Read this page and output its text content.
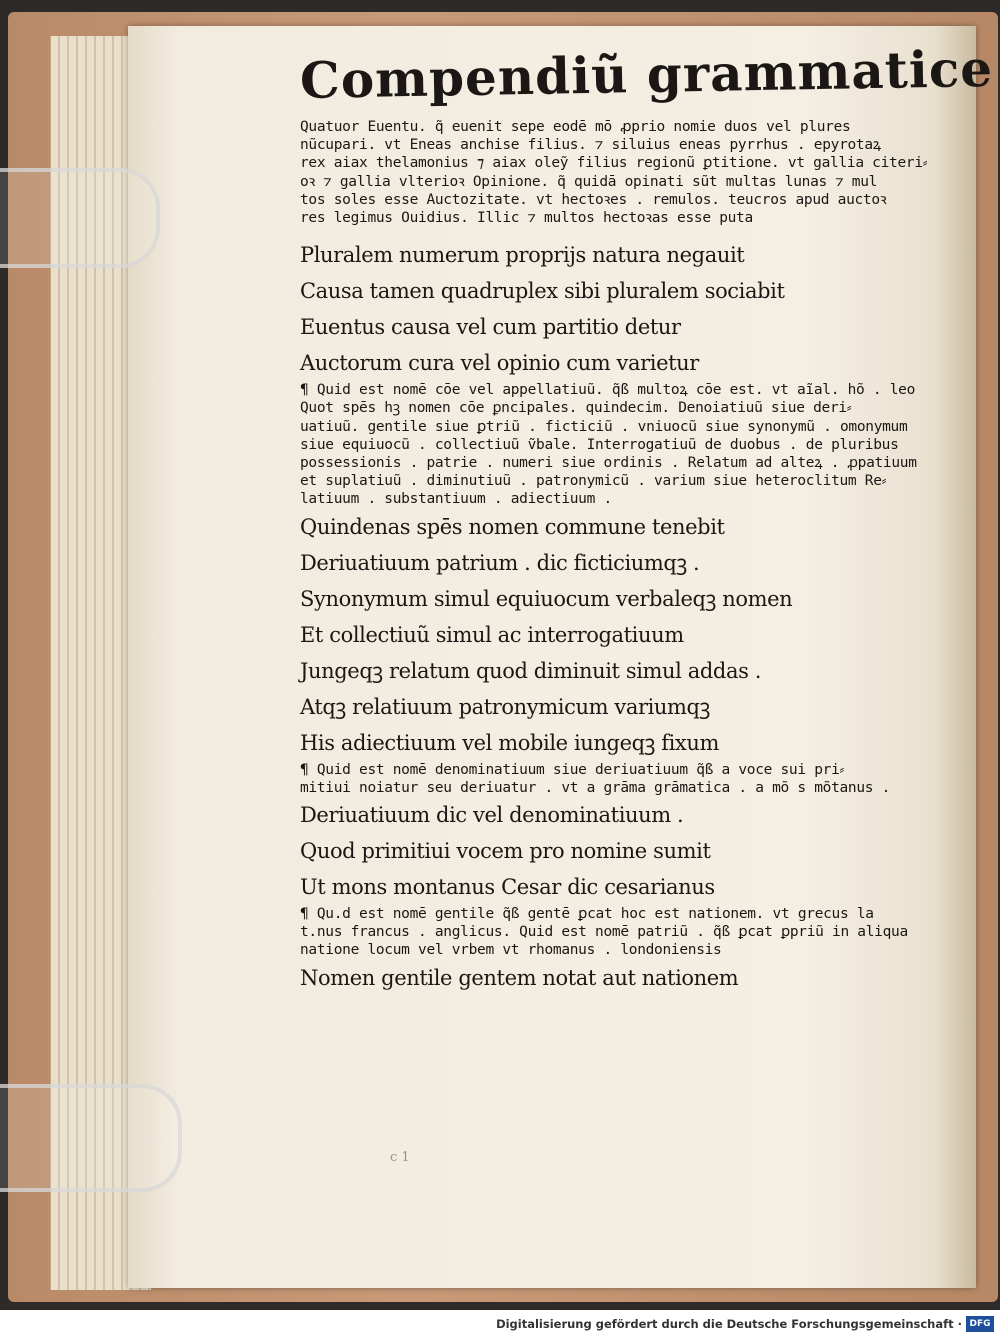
Compendiũ grammatice
Quatuor Euentu. q̃ euenit sepe eodē mō ꝓprio nomie duos vel plures
nũcupari. vt Eneas anchise filius. ⁊ siluius eneas pyrrhus . epyrotaꝝ
rex aiax thelamonius ⁊ aiax oleỹ filius regionũ ꝑtitione. vt gallia citeri⸗
oꝛ ⁊ gallia vlterioꝛ Opinione. q̃ quidā opinati sũt multas lunas ⁊ mul
tos soles esse Auctozitate. vt hectoꝛes . remulos. teucros apud auctoꝛ
res legimus Ouidius. Illic ⁊ multos hectoꝛas esse puta
Pluralem numerum proprijs natura negauit
Causa tamen quadruplex sibi pluralem sociabit
Euentus causa vel cum partitio detur
Auctorum cura vel opinio cum varietur
¶ Quid est nomē cōe vel appellatiuũ. q̃ß multoꝝ cōe est. vt aĩal. hõ . leo
Quot spēs hꝫ nomen cōe ꝑncipales. quindecim. Denoiatiuũ siue deri⸗
uatiuũ. gentile siue ꝑtriũ . ficticiũ . vniuocũ siue synonymũ . omonymum
siue equiuocũ . collectiuũ ṽbale. Interrogatiuũ de duobus . de pluribus
possessionis . patrie . numeri siue ordinis . Relatum ad alteꝝ . ꝓpatiuum
et suplatiuũ . diminutiuũ . patronymicũ . varium siue heteroclitum Re⸗
latiuum . substantiuum . adiectiuum .
Quindenas spēs nomen commune tenebit
Deriuatiuum patrium . dic ficticiumqꝫ .
Synonymum simul equiuocum verbaleqꝫ nomen
Et collectiuũ simul ac interrogatiuum
Jungeqꝫ relatum quod diminuit simul addas .
Atqꝫ relatiuum patronymicum variumqꝫ
His adiectiuum vel mobile iungeqꝫ fixum
¶ Quid est nomē denominatiuum siue deriuatiuum q̃ß a voce sui pri⸗
mitiui noiatur seu deriuatur . vt a grāma grāmatica . a mõ s mõtanus .
Deriuatiuum dic vel denominatiuum .
Quod primitiui vocem pro nomine sumit
Ut mons montanus Cesar dic cesarianus
¶ Qu.d est nomē gentile q̃ß gentē ꝑcat hoc est nationem. vt grecus la
t.nus francus . anglicus. Quid est nomē patriũ . q̃ß ꝑcat ꝑpriũ in aliqua
natione locum vel vrbem vt rhomanus . londoniensis
Nomen gentile gentem notat aut nationem
c 1
Digitalisierung gefördert durch die Deutsche Forschungsgemeinschaft · DFG
